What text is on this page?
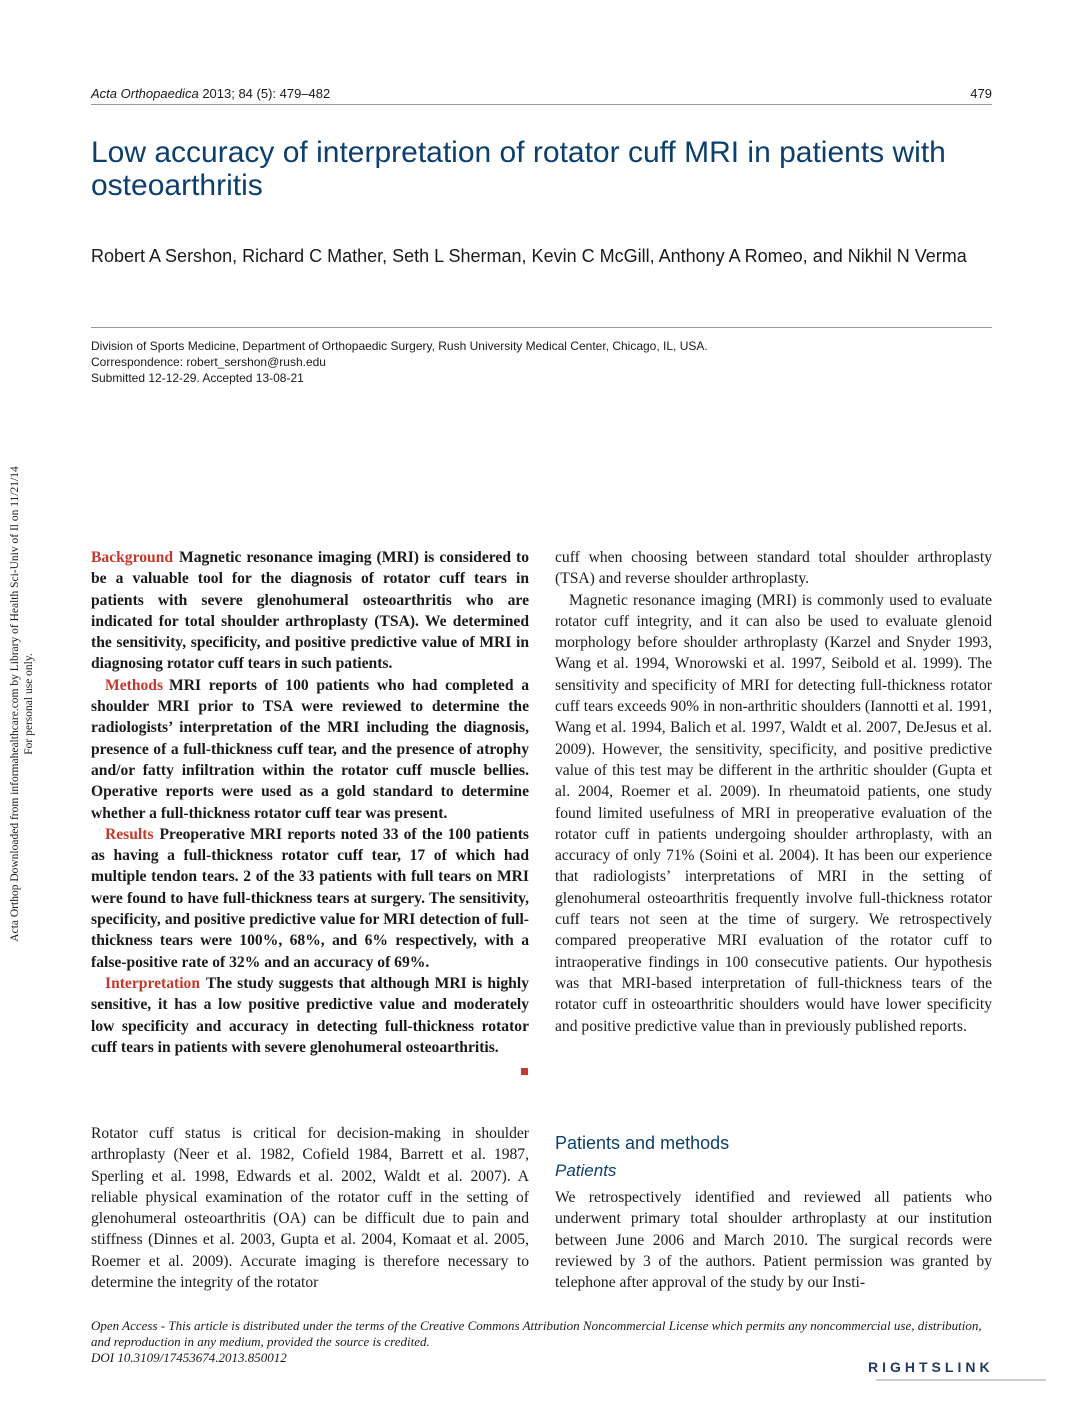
Acta Orthopaedica 2013; 84 (5): 479–482	479
Low accuracy of interpretation of rotator cuff MRI in patients with osteoarthritis
Robert A Sershon, Richard C Mather, Seth L Sherman, Kevin C McGill, Anthony A Romeo, and Nikhil N Verma
Division of Sports Medicine, Department of Orthopaedic Surgery, Rush University Medical Center, Chicago, IL, USA.
Correspondence: robert_sershon@rush.edu
Submitted 12-12-29. Accepted 13-08-21
Acta Orthop Downloaded from informahealthcare.com by Library of Health Sci-Univ of Il on 11/21/14 For personal use only.

Background Magnetic resonance imaging (MRI) is considered to be a valuable tool for the diagnosis of rotator cuff tears in patients with severe glenohumeral osteoarthritis who are indicated for total shoulder arthroplasty (TSA). We determined the sensitivity, specificity, and positive predictive value of MRI in diagnosing rotator cuff tears in such patients.

Methods MRI reports of 100 patients who had completed a shoulder MRI prior to TSA were reviewed to determine the radiologists’ interpretation of the MRI including the diagnosis, presence of a full-thickness cuff tear, and the presence of atrophy and/or fatty infiltration within the rotator cuff muscle bellies. Operative reports were used as a gold standard to determine whether a full-thickness rotator cuff tear was present.

Results Preoperative MRI reports noted 33 of the 100 patients as having a full-thickness rotator cuff tear, 17 of which had multiple tendon tears. 2 of the 33 patients with full tears on MRI were found to have full-thickness tears at surgery. The sensitivity, specificity, and positive predictive value for MRI detection of full-thickness tears were 100%, 68%, and 6% respectively, with a false-positive rate of 32% and an accuracy of 69%.

Interpretation The study suggests that although MRI is highly sensitive, it has a low positive predictive value and moderately low specificity and accuracy in detecting full-thickness rotator cuff tears in patients with severe glenohumeral osteoarthritis.

cuff when choosing between standard total shoulder arthroplasty (TSA) and reverse shoulder arthroplasty.

Magnetic resonance imaging (MRI) is commonly used to evaluate rotator cuff integrity, and it can also be used to evaluate glenoid morphology before shoulder arthroplasty (Karzel and Snyder 1993, Wang et al. 1994, Wnorowski et al. 1997, Seibold et al. 1999). The sensitivity and specificity of MRI for detecting full-thickness rotator cuff tears exceeds 90% in non-arthritic shoulders (Iannotti et al. 1991, Wang et al. 1994, Balich et al. 1997, Waldt et al. 2007, DeJesus et al. 2009). However, the sensitivity, specificity, and positive predictive value of this test may be different in the arthritic shoulder (Gupta et al. 2004, Roemer et al. 2009). In rheumatoid patients, one study found limited usefulness of MRI in preoperative evaluation of the rotator cuff in patients undergoing shoulder arthroplasty, with an accuracy of only 71% (Soini et al. 2004). It has been our experience that radiologists’ interpretations of MRI in the setting of glenohumeral osteoarthritis frequently involve full-thickness rotator cuff tears not seen at the time of surgery. We retrospectively compared preoperative MRI evaluation of the rotator cuff to intraoperative findings in 100 consecutive patients. Our hypothesis was that MRI-based interpretation of full-thickness tears of the rotator cuff in osteoarthritic shoulders would have lower specificity and positive predictive value than in previously published reports.

Rotator cuff status is critical for decision-making in shoulder arthroplasty (Neer et al. 1982, Cofield 1984, Barrett et al. 1987, Sperling et al. 1998, Edwards et al. 2002, Waldt et al. 2007). A reliable physical examination of the rotator cuff in the setting of glenohumeral osteoarthritis (OA) can be difficult due to pain and stiffness (Dinnes et al. 2003, Gupta et al. 2004, Komaat et al. 2005, Roemer et al. 2009). Accurate imaging is therefore necessary to determine the integrity of the rotator

Patients and methods
Patients

We retrospectively identified and reviewed all patients who underwent primary total shoulder arthroplasty at our institution between June 2006 and March 2010. The surgical records were reviewed by 3 of the authors. Patient permission was granted by telephone after approval of the study by our Insti-

Open Access - This article is distributed under the terms of the Creative Commons Attribution Noncommercial License which permits any noncommercial use, distribution, and reproduction in any medium, provided the source is credited.

DOI 10.3109/17453674.2013.850012

RIGHTSLINK
